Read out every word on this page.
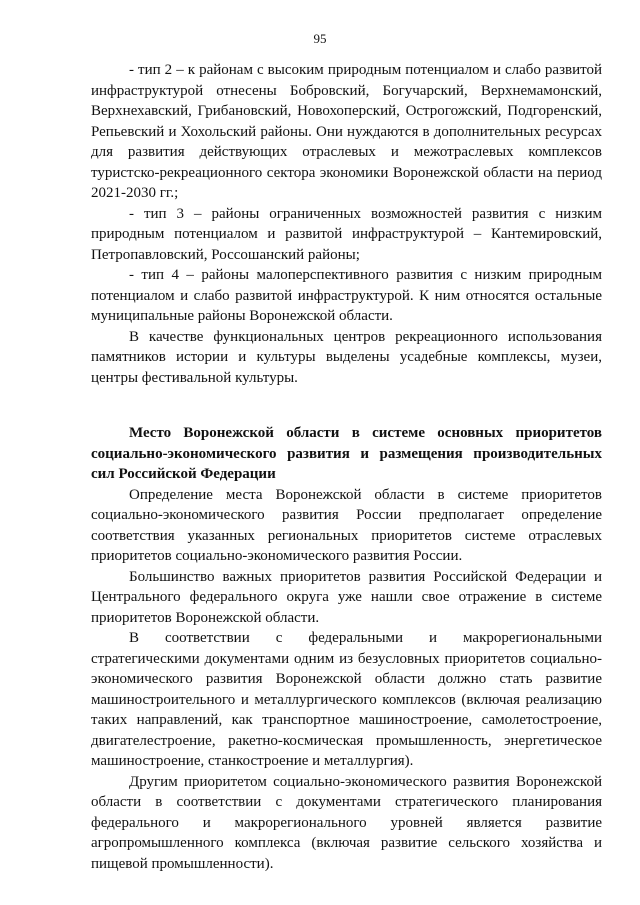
95

- тип 2 – к районам с высоким природным потенциалом и слабо развитой инфраструктурой отнесены Бобровский, Богучарский, Верхнемамонский, Верхнехавский, Грибановский, Новохоперский, Острогожский, Подгоренский, Репьевский и Хохольский районы. Они нуждаются в дополнительных ресурсах для развития действующих отраслевых и межотраслевых комплексов туристско-рекреационного сектора экономики Воронежской области на период 2021-2030 гг.;

- тип 3 – районы ограниченных возможностей развития с низким природным потенциалом и развитой инфраструктурой – Кантемировский, Петропавловский, Россошанский районы;

- тип 4 – районы малоперспективного развития с низким природным потенциалом и слабо развитой инфраструктурой. К ним относятся остальные муниципальные районы Воронежской области.

В качестве функциональных центров рекреационного использования памятников истории и культуры выделены усадебные комплексы, музеи, центры фестивальной культуры.

Место Воронежской области в системе основных приоритетов социально-экономического развития и размещения производительных сил Российской Федерации

Определение места Воронежской области в системе приоритетов социально-экономического развития России предполагает определение соответствия указанных региональных приоритетов системе отраслевых приоритетов социально-экономического развития России.

Большинство важных приоритетов развития Российской Федерации и Центрального федерального округа уже нашли свое отражение в системе приоритетов Воронежской области.

В соответствии с федеральными и макрорегиональными стратегическими документами одним из безусловных приоритетов социально-экономического развития Воронежской области должно стать развитие машиностроительного и металлургического комплексов (включая реализацию таких направлений, как транспортное машиностроение, самолетостроение, двигателестроение, ракетно-космическая промышленность, энергетическое машиностроение, станкостроение и металлургия).

Другим приоритетом социально-экономического развития Воронежской области в соответствии с документами стратегического планирования федерального и макрорегионального уровней является развитие агропромышленного комплекса (включая развитие сельского хозяйства и пищевой промышленности).
